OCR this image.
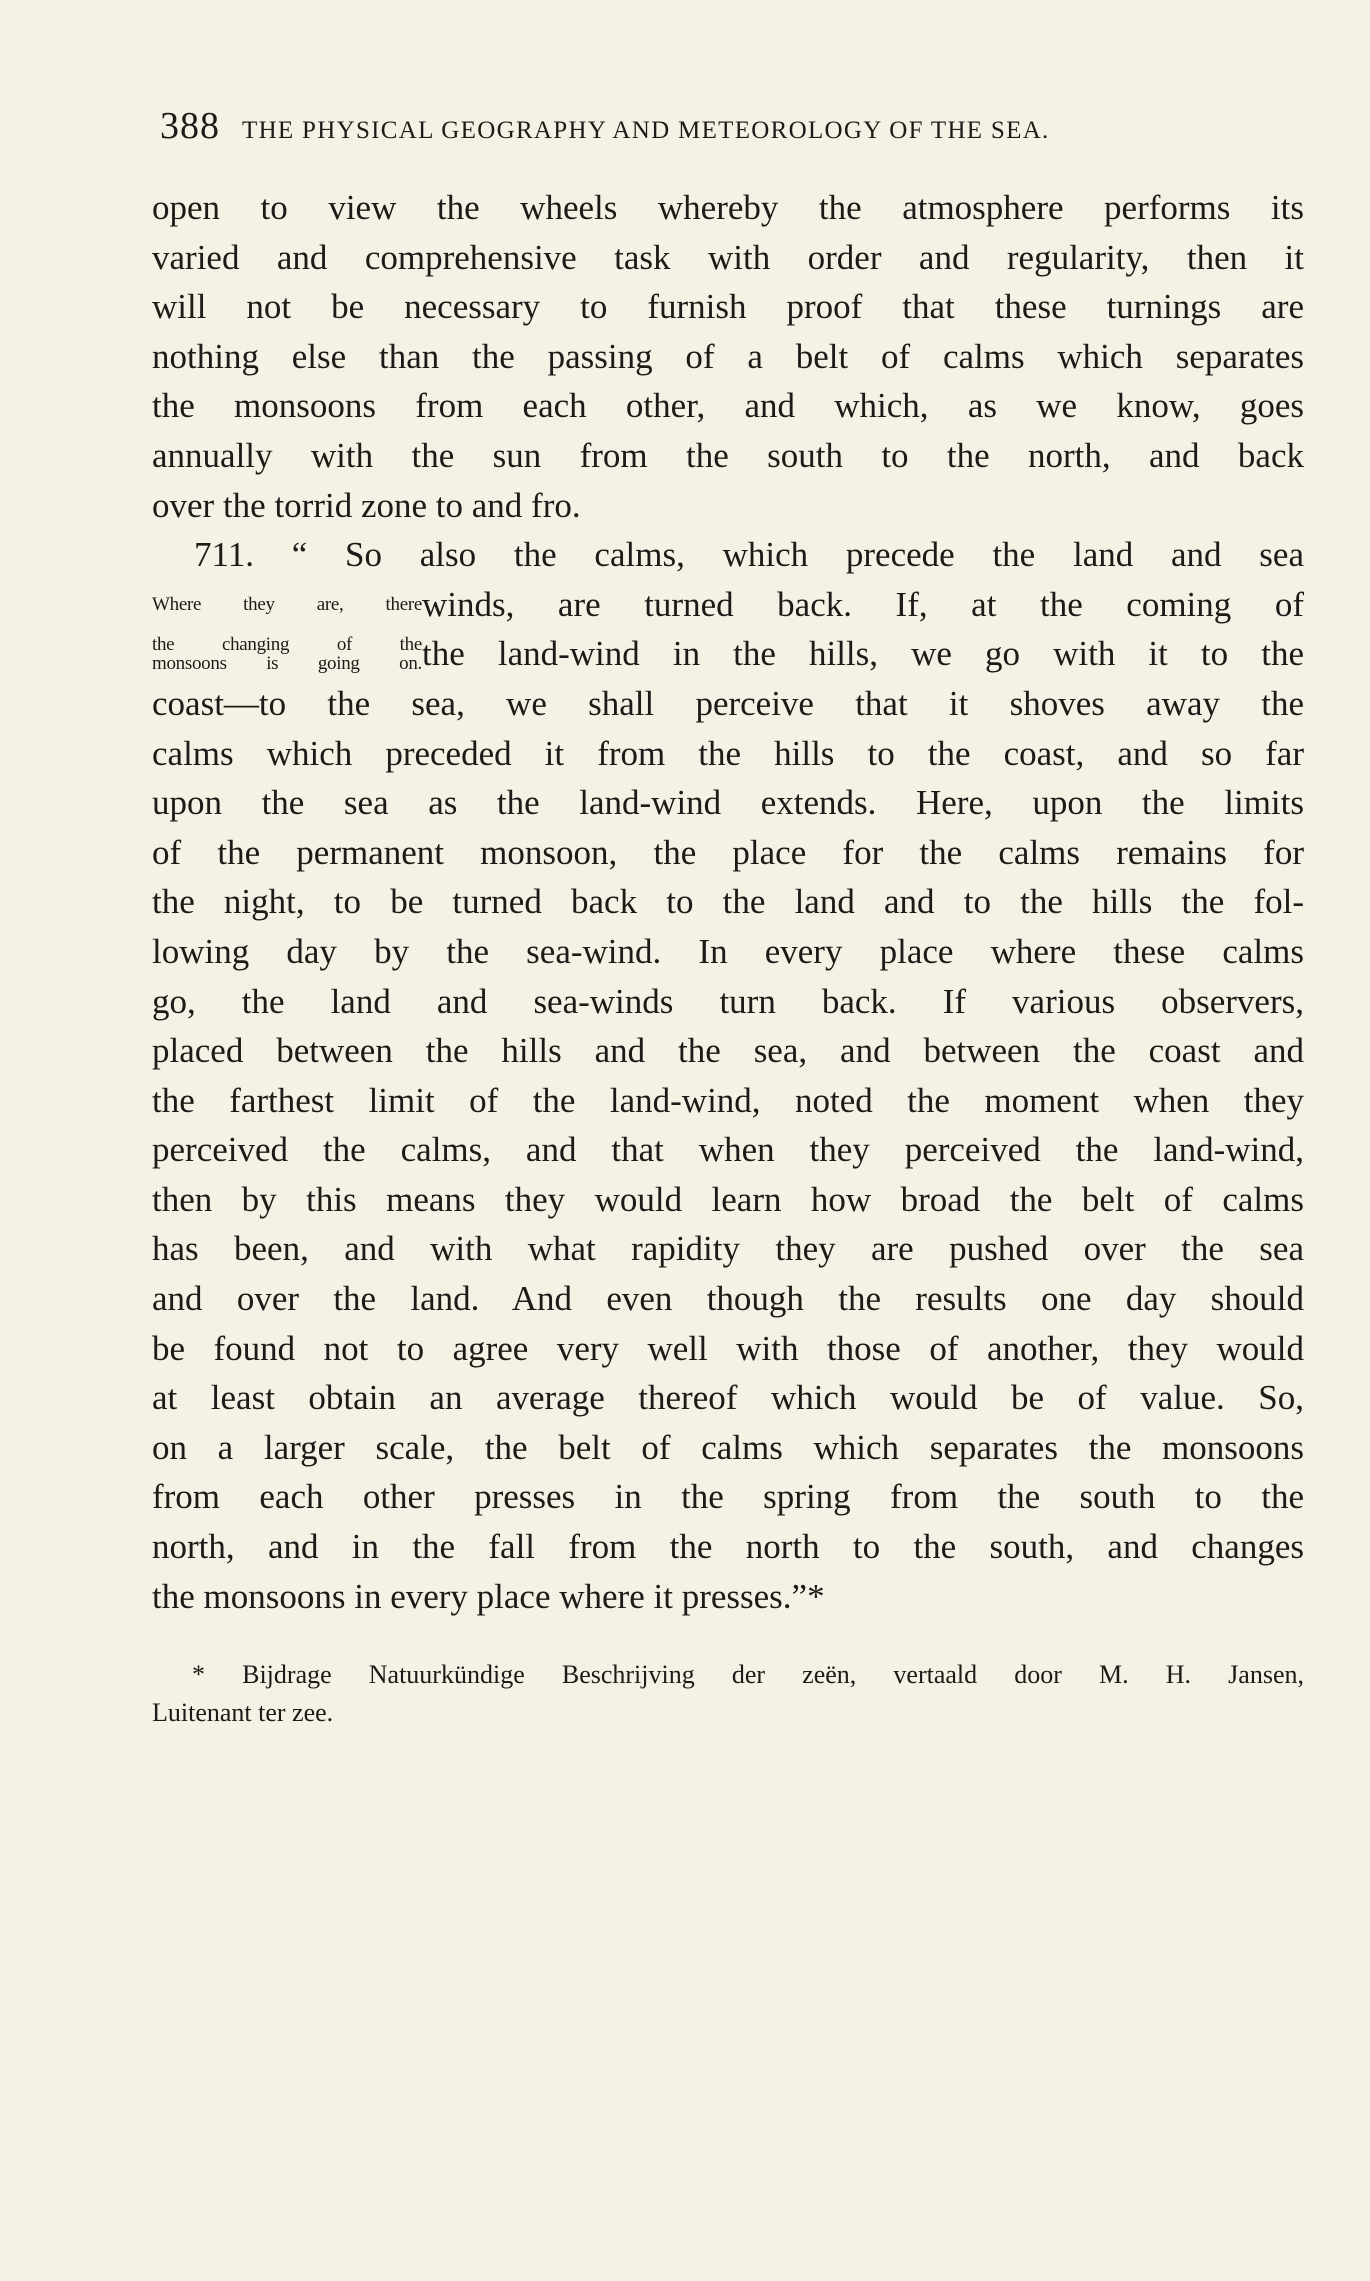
388 THE PHYSICAL GEOGRAPHY AND METEOROLOGY OF THE SEA.
open to view the wheels whereby the atmosphere performs its
varied and comprehensive task with order and regularity, then it
will not be necessary to furnish proof that these turnings are
nothing else than the passing of a belt of calms which separates
the monsoons from each other, and which, as we know, goes
annually with the sun from the south to the north, and back
over the torrid zone to and fro.
711. “ So also the calms, which precede the land and sea
Where they are, there winds, are turned back. If, at the coming of
the changing of the
monsoons is going on. the land-wind in the hills, we go with it to the
coast—to the sea, we shall perceive that it shoves away the
calms which preceded it from the hills to the coast, and so far
upon the sea as the land-wind extends. Here, upon the limits
of the permanent monsoon, the place for the calms remains for
the night, to be turned back to the land and to the hills the fol-
lowing day by the sea-wind. In every place where these calms
go, the land and sea-winds turn back. If various observers,
placed between the hills and the sea, and between the coast and
the farthest limit of the land-wind, noted the moment when they
perceived the calms, and that when they perceived the land-wind,
then by this means they would learn how broad the belt of calms
has been, and with what rapidity they are pushed over the sea
and over the land. And even though the results one day should
be found not to agree very well with those of another, they would
at least obtain an average thereof which would be of value. So,
on a larger scale, the belt of calms which separates the monsoons
from each other presses in the spring from the south to the
north, and in the fall from the north to the south, and changes
the monsoons in every place where it presses.”*
* Bijdrage Natuurkündige Beschrijving der zeën, vertaald door M. H. Jansen,
Luitenant ter zee.
